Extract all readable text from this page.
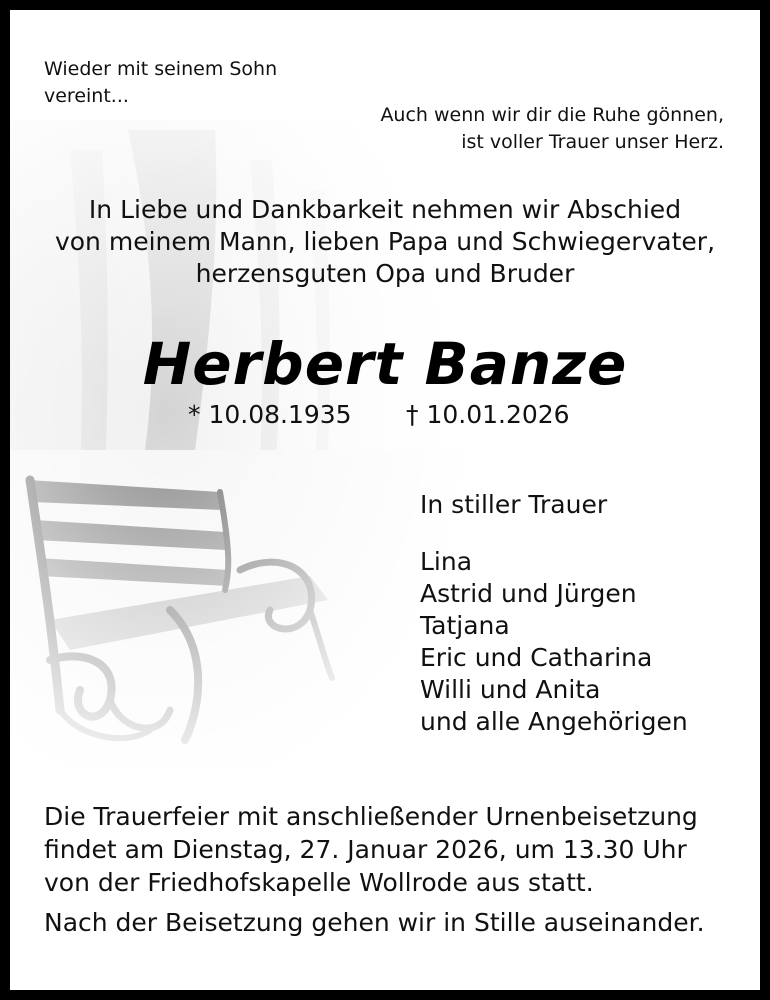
Wieder mit seinem Sohn
vereint...
Auch wenn wir dir die Ruhe gönnen,
ist voller Trauer unser Herz.
In Liebe und Dankbarkeit nehmen wir Abschied
von meinem Mann, lieben Papa und Schwiegervater,
herzensguten Opa und Bruder
Herbert Banze
* 10.08.1935 † 10.01.2026
In stiller Trauer
Lina
Astrid und Jürgen
Tatjana
Eric und Catharina
Willi und Anita
und alle Angehörigen
Die Trauerfeier mit anschließender Urnenbeisetzung
findet am Dienstag, 27. Januar 2026, um 13.30 Uhr
von der Friedhofskapelle Wollrode aus statt.
Nach der Beisetzung gehen wir in Stille auseinander.
